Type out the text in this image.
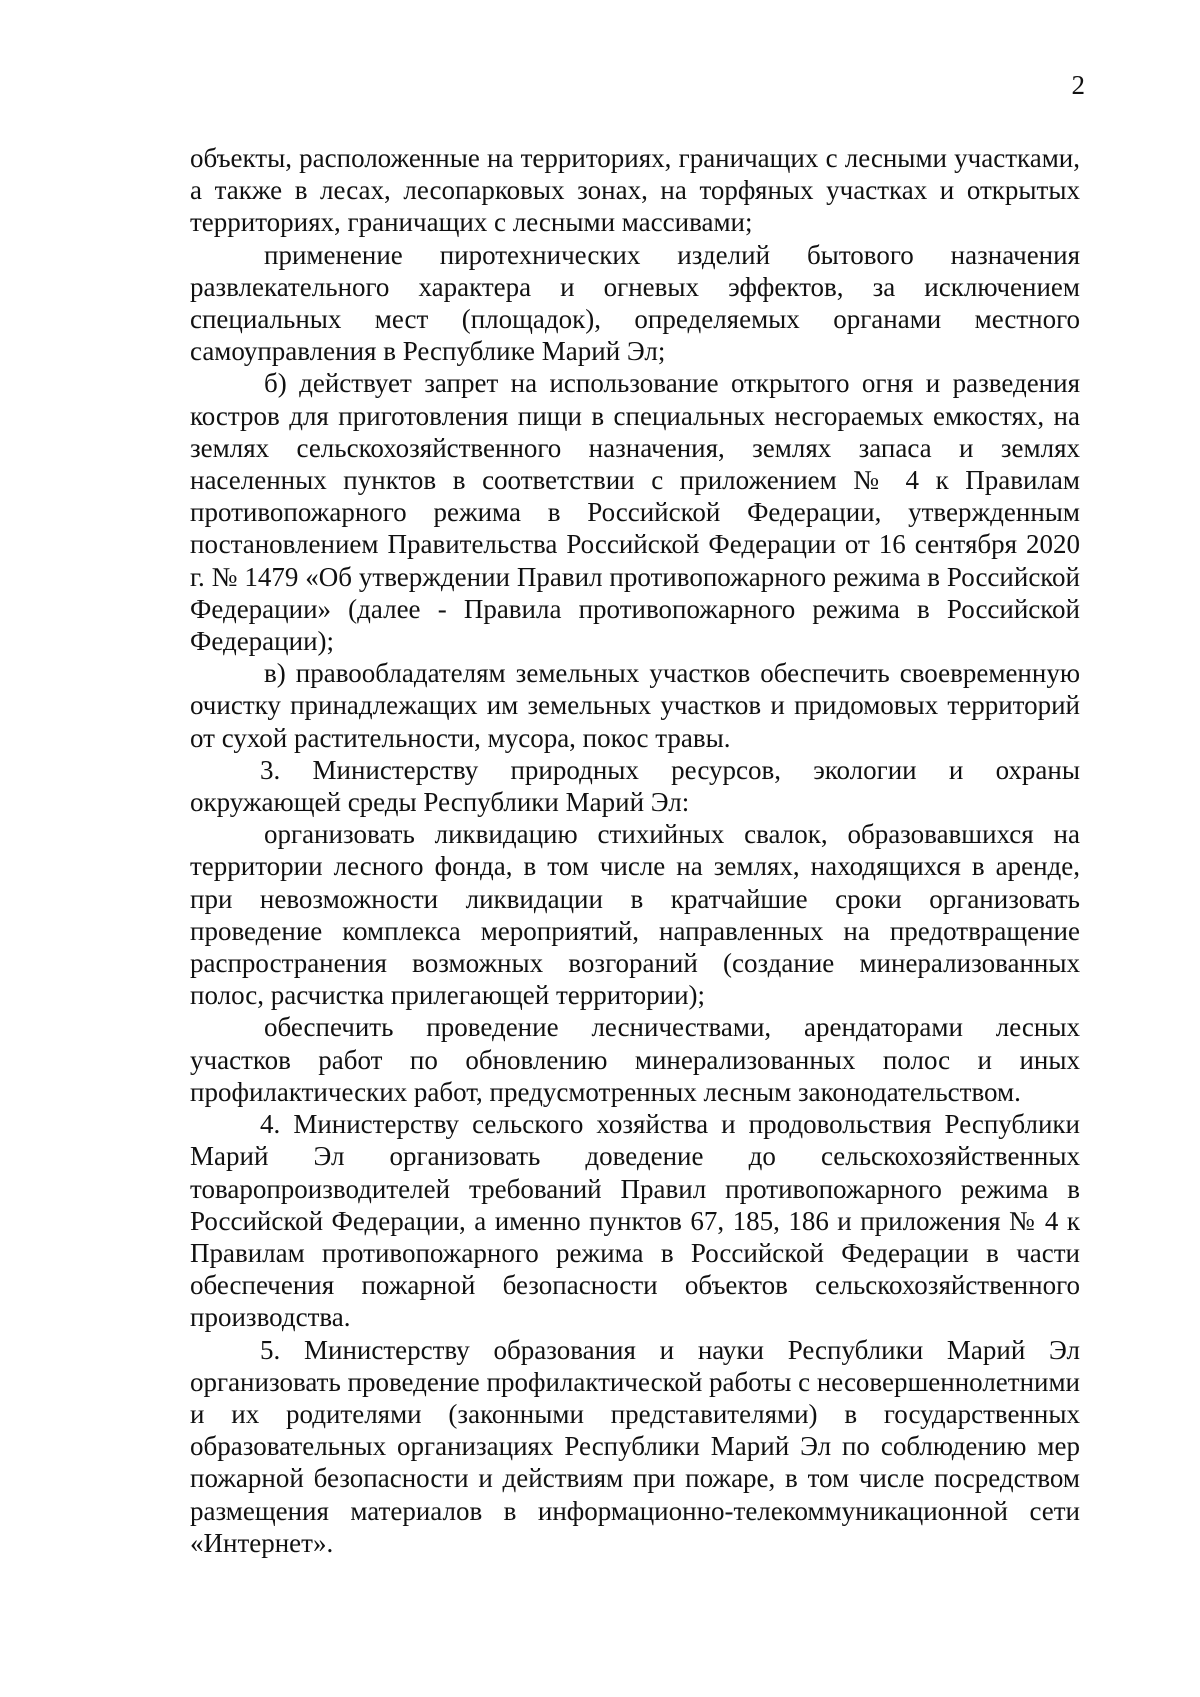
2

объекты, расположенные на территориях, граничащих с лесными участками, а также в лесах, лесопарковых зонах, на торфяных участках и открытых территориях, граничащих с лесными массивами;

применение пиротехнических изделий бытового назначения развлекательного характера и огневых эффектов, за исключением специальных мест (площадок), определяемых органами местного самоуправления в Республике Марий Эл;

б) действует запрет на использование открытого огня и разведения костров для приготовления пищи в специальных несгораемых емкостях, на землях сельскохозяйственного назначения, землях запаса и землях населенных пунктов в соответствии с приложением № 4 к Правилам противопожарного режима в Российской Федерации, утвержденным постановлением Правительства Российской Федерации от 16 сентября 2020 г. № 1479 «Об утверждении Правил противопожарного режима в Российской Федерации» (далее - Правила противопожарного режима в Российской Федерации);

в) правообладателям земельных участков обеспечить своевременную очистку принадлежащих им земельных участков и придомовых территорий от сухой растительности, мусора, покос травы.

3. Министерству природных ресурсов, экологии и охраны окружающей среды Республики Марий Эл:

организовать ликвидацию стихийных свалок, образовавшихся на территории лесного фонда, в том числе на землях, находящихся в аренде, при невозможности ликвидации в кратчайшие сроки организовать проведение комплекса мероприятий, направленных на предотвращение распространения возможных возгораний (создание минерализованных полос, расчистка прилегающей территории);

обеспечить проведение лесничествами, арендаторами лесных участков работ по обновлению минерализованных полос и иных профилактических работ, предусмотренных лесным законодательством.

4. Министерству сельского хозяйства и продовольствия Республики Марий Эл организовать доведение до сельскохозяйственных товаропроизводителей требований Правил противопожарного режима в Российской Федерации, а именно пунктов 67, 185, 186 и приложения № 4 к Правилам противопожарного режима в Российской Федерации в части обеспечения пожарной безопасности объектов сельскохозяйственного производства.

5. Министерству образования и науки Республики Марий Эл организовать проведение профилактической работы с несовершеннолетними и их родителями (законными представителями) в государственных образовательных организациях Республики Марий Эл по соблюдению мер пожарной безопасности и действиям при пожаре, в том числе посредством размещения материалов в информационно-телекоммуникационной сети «Интернет».
